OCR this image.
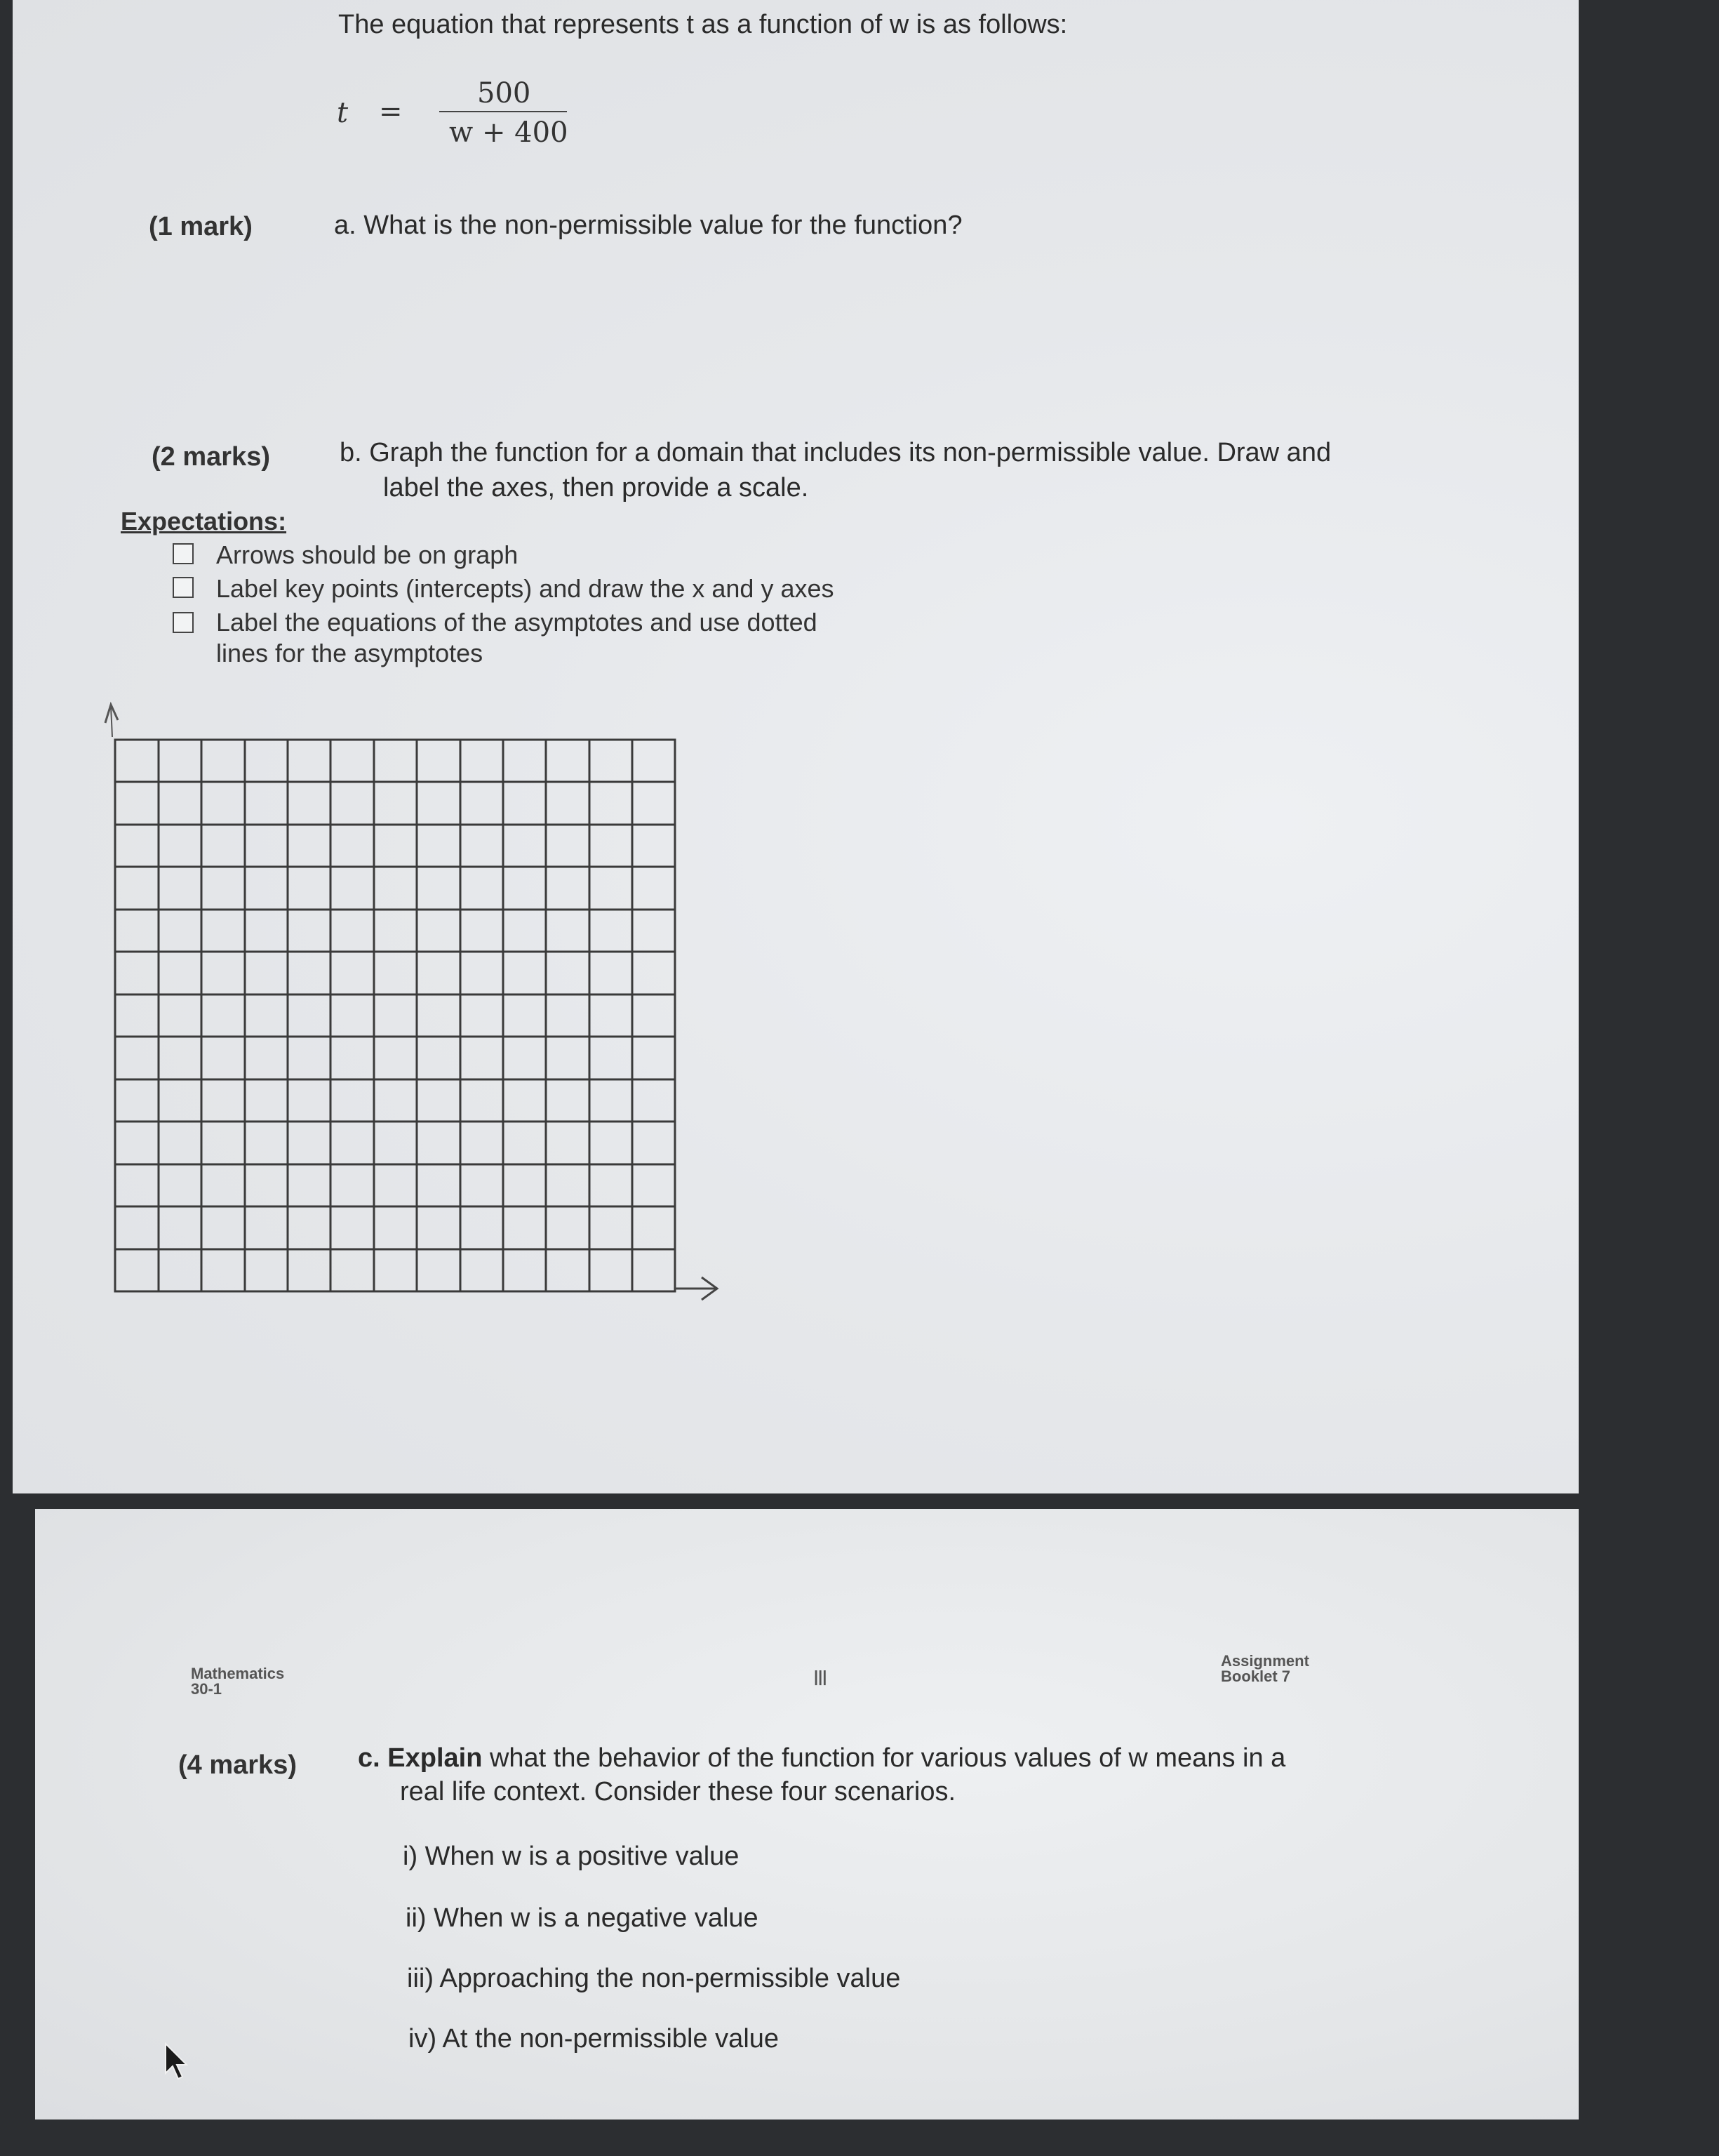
The equation that represents t as a function of w is as follows:
t =
500
w + 400
(1 mark)	a. What is the non-permissible value for the function?
(2 marks)	b. Graph the function for a domain that includes its non-permissible value. Draw and
label the axes, then provide a scale.
Expectations:
Arrows should be on graph
Label key points (intercepts) and draw the x and y axes
Label the equations of the asymptotes and use dotted
lines for the asymptotes
Mathematics
30-1
|||
Assignment
Booklet 7
(4 marks) c. Explain what the behavior of the function for various values of w means in a
real life context. Consider these four scenarios.
i) When w is a positive value
ii) When w is a negative value
iii) Approaching the non-permissible value
iv) At the non-permissible value
